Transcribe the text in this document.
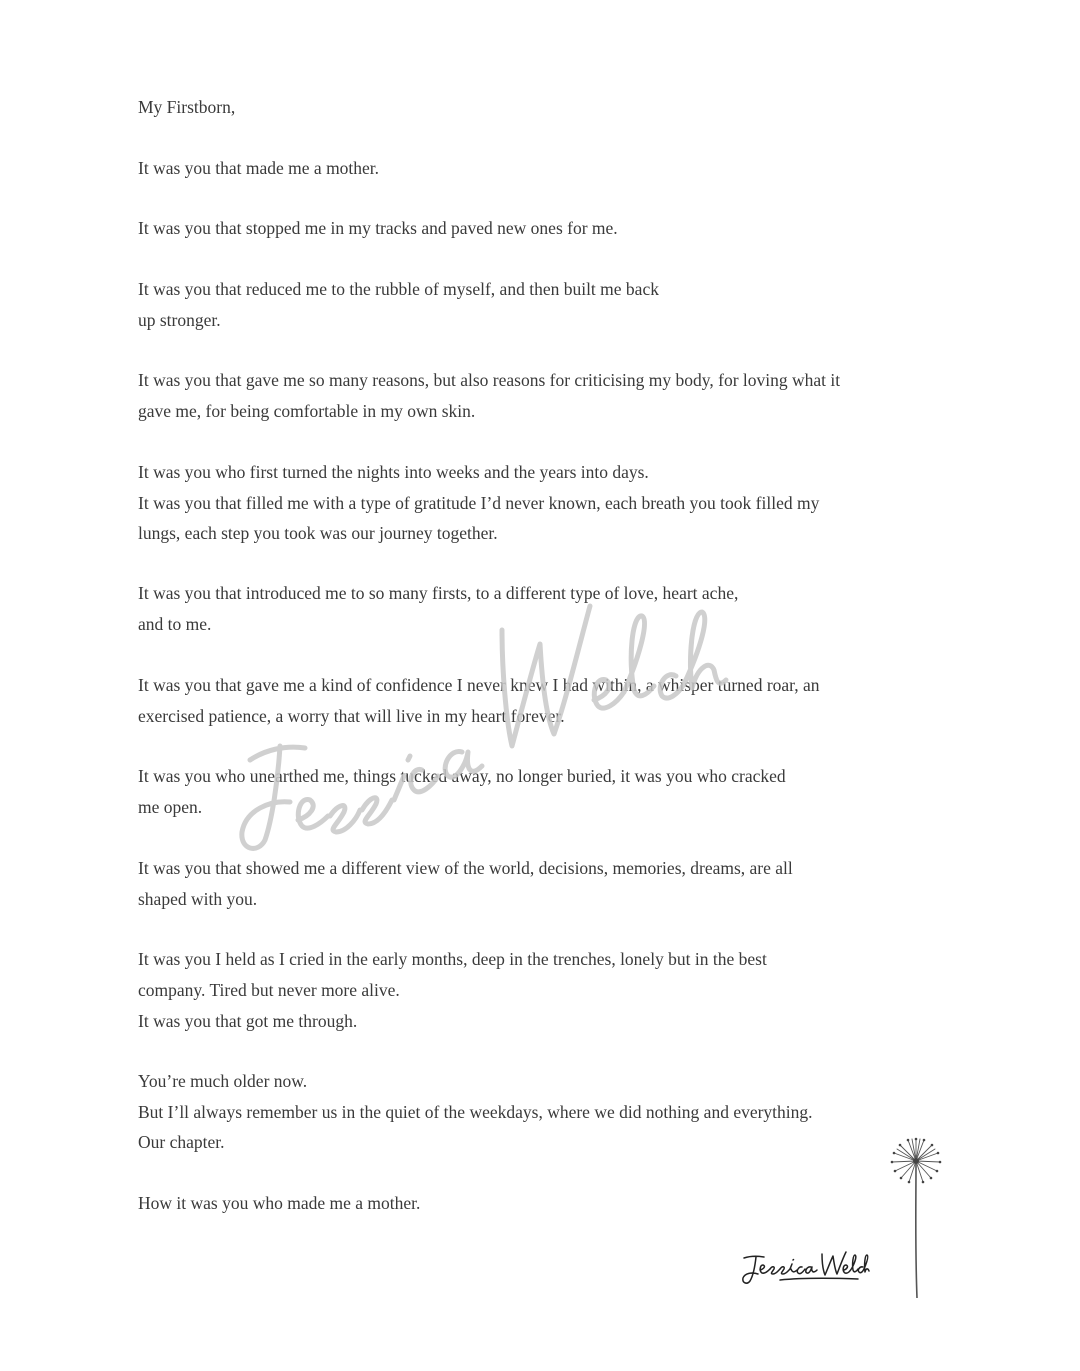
My Firstborn,
It was you that made me a mother.
It was you that stopped me in my tracks and paved new ones for me.
It was you that reduced me to the rubble of myself, and then built me back
up stronger.
It was you that gave me so many reasons, but also reasons for criticising my body, for loving what it
gave me, for being comfortable in my own skin.
It was you who first turned the nights into weeks and the years into days.
It was you that filled me with a type of gratitude I’d never known, each breath you took filled my
lungs, each step you took was our journey together.
It was you that introduced me to so many firsts, to a different type of love, heart ache,
and to me.
It was you that gave me a kind of confidence I never knew I had within, a whisper turned roar, an
exercised patience, a worry that will live in my heart forever.
It was you who unearthed me, things tucked away, no longer buried, it was you who cracked
me open.
It was you that showed me a different view of the world, decisions, memories, dreams, are all
shaped with you.
It was you I held as I cried in the early months, deep in the trenches, lonely but in the best
company. Tired but never more alive.
It was you that got me through.
You’re much older now.
But I’ll always remember us in the quiet of the weekdays, where we did nothing and everything.
Our chapter.
How it was you who made me a mother.
